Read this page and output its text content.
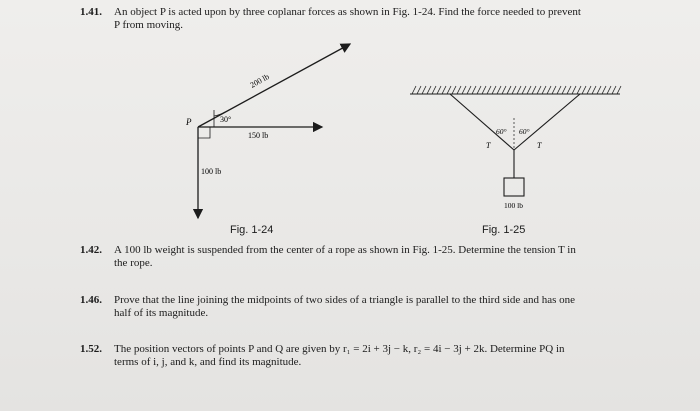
1.41. An object P is acted upon by three coplanar forces as shown in Fig. 1-24. Find the force needed to prevent
P from moving.
P
200 lb
30°
150 lb
100 lb
Fig. 1-24
60° 60°
T	T
100 lb
Fig. 1-25
1.42. A 100 lb weight is suspended from the center of a rope as shown in Fig. 1-25. Determine the tension T in
the rope.
1.46. Prove that the line joining the midpoints of two sides of a triangle is parallel to the third side and has one
half of its magnitude.
1.52. The position vectors of points P and Q are given by r₁ = 2i + 3j − k, r₂ = 4i − 3j + 2k. Determine PQ in
terms of i, j, and k, and find its magnitude.
